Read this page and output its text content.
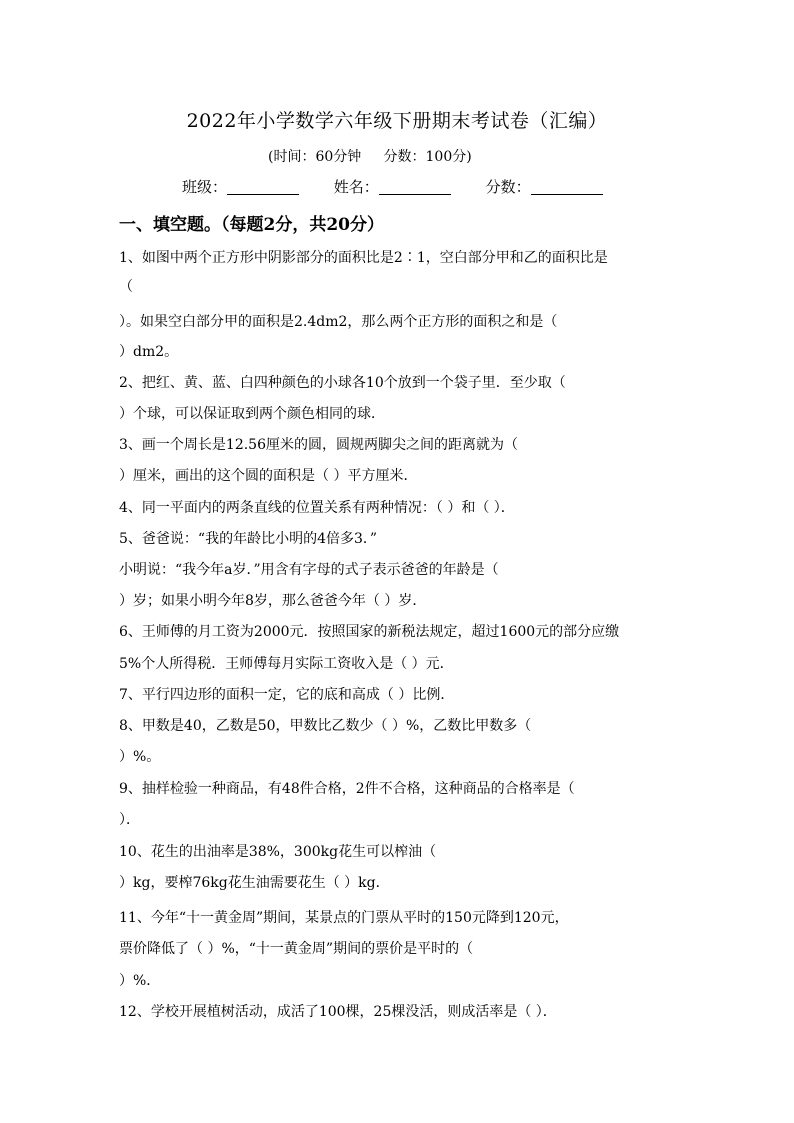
2022年小学数学六年级下册期末考试卷（汇编）
(时间：60分钟     分数：100分)
班级：	姓名：	分数：
一、填空题。（每题2分，共20分）
1、如图中两个正方形中阴影部分的面积比是2∶1，空白部分甲和乙的面积比是
（
）。如果空白部分甲的面积是2.4dm2，那么两个正方形的面积之和是（
）dm2。
2、把红、黄、蓝、白四种颜色的小球各10个放到一个袋子里．至少取（
）个球，可以保证取到两个颜色相同的球．
3、画一个周长是12.56厘米的圆，圆规两脚尖之间的距离就为（
）厘米，画出的这个圆的面积是（ ）平方厘米．
4、同一平面内的两条直线的位置关系有两种情况：（ ）和（ ）．
5、爸爸说：“我的年龄比小明的4倍多3．”
小明说：“我今年a岁．”用含有字母的式子表示爸爸的年龄是（
）岁；如果小明今年8岁，那么爸爸今年（ ）岁．
6、王师傅的月工资为2000元．按照国家的新税法规定，超过1600元的部分应缴
5%个人所得税．王师傅每月实际工资收入是（ ）元．
7、平行四边形的面积一定，它的底和高成（ ）比例．
8、甲数是40，乙数是50，甲数比乙数少（ ）%，乙数比甲数多（
）%。
9、抽样检验一种商品，有48件合格，2件不合格，这种商品的合格率是（
）．
10、花生的出油率是38%，300kg花生可以榨油（
）kg，要榨76kg花生油需要花生（ ）kg．
11、今年“十一黄金周”期间，某景点的门票从平时的150元降到120元，
票价降低了（ ）%，“十一黄金周”期间的票价是平时的（
）%．
12、学校开展植树活动，成活了100棵，25棵没活，则成活率是（ ）．
